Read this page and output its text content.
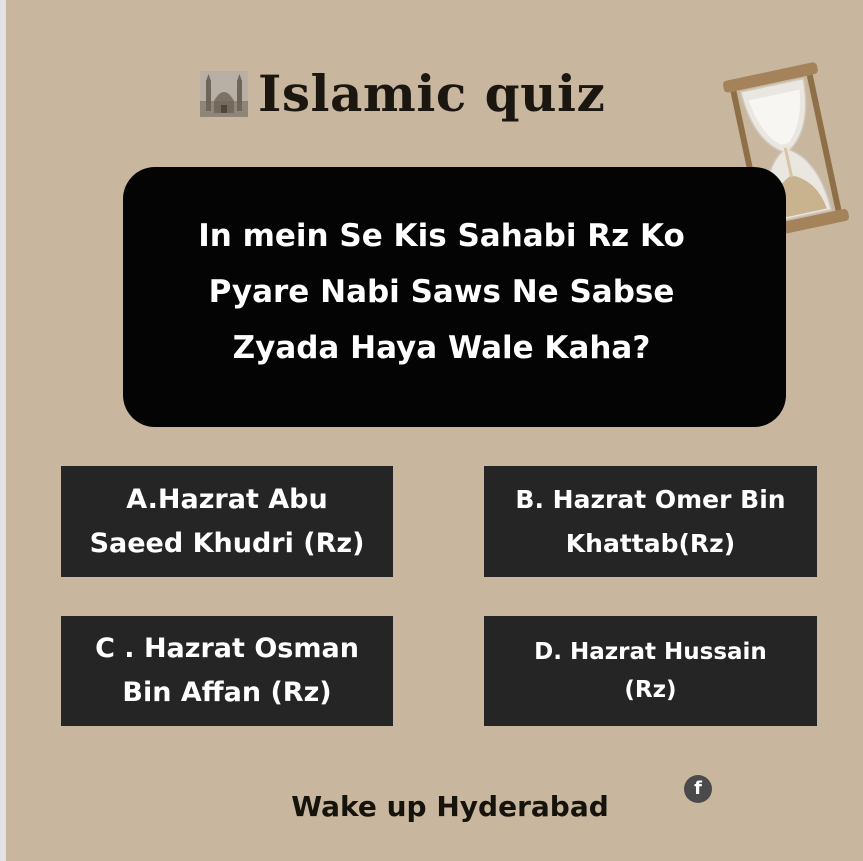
Islamic quiz
In mein Se Kis Sahabi Rz Ko
Pyare Nabi Saws Ne Sabse
Zyada Haya Wale Kaha?
A.Hazrat Abu
Saeed Khudri (Rz)
B. Hazrat Omer Bin
Khattab(Rz)
C . Hazrat Osman
Bin Affan (Rz)
D. Hazrat Hussain
(Rz)
f
Wake up Hyderabad
